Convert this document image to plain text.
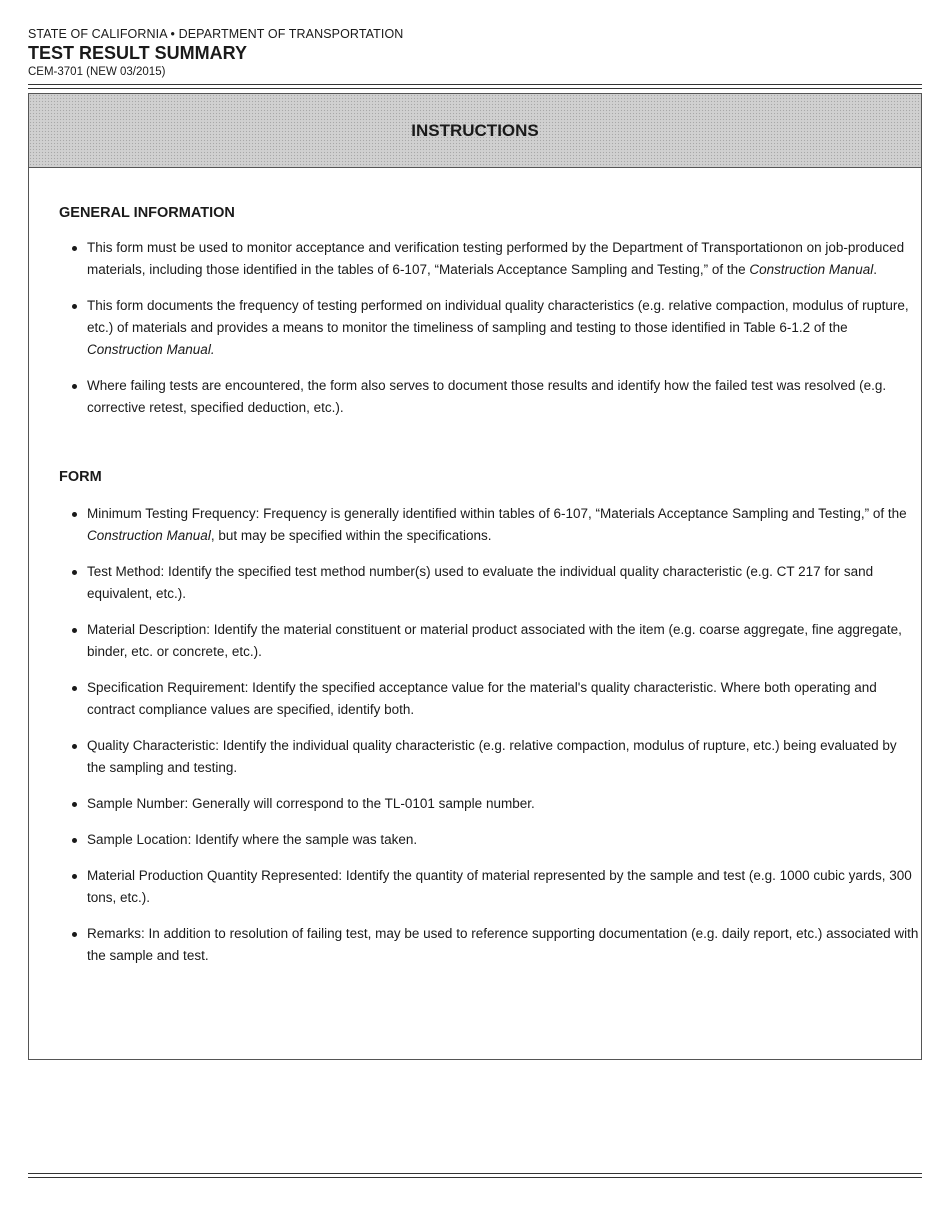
STATE OF CALIFORNIA • DEPARTMENT OF TRANSPORTATION
TEST RESULT SUMMARY
CEM-3701 (NEW 03/2015)
INSTRUCTIONS
GENERAL INFORMATION
This form must be used to monitor acceptance and verification testing performed by the Department of Transportationon on job-produced materials, including those identified in the tables of 6-107, “Materials Acceptance Sampling and Testing,” of the Construction Manual.
This form documents the frequency of testing performed on individual quality characteristics (e.g. relative compaction, modulus of rupture, etc.) of materials and provides a means to monitor the timeliness of sampling and testing to those identified in Table 6-1.2 of the Construction Manual.
Where failing tests are encountered, the form also serves to document those results and identify how the failed test was resolved (e.g. corrective retest, specified deduction, etc.).
FORM
Minimum Testing Frequency: Frequency is generally identified within tables of 6-107, “Materials Acceptance Sampling and Testing,” of the Construction Manual, but may be specified within the specifications.
Test Method: Identify the specified test method number(s) used to evaluate the individual quality characteristic (e.g. CT 217 for sand equivalent, etc.).
Material Description: Identify the material constituent or material product associated with the item (e.g. coarse aggregate, fine aggregate, binder, etc. or concrete, etc.).
Specification Requirement: Identify the specified acceptance value for the material's quality characteristic. Where both operating and contract compliance values are specified, identify both.
Quality Characteristic: Identify the individual quality characteristic (e.g. relative compaction, modulus of rupture, etc.) being evaluated by the sampling and testing.
Sample Number: Generally will correspond to the TL-0101 sample number.
Sample Location: Identify where the sample was taken.
Material Production Quantity Represented: Identify the quantity of material represented by the sample and test (e.g. 1000 cubic yards, 300 tons, etc.).
Remarks: In addition to resolution of failing test, may be used to reference supporting documentation (e.g. daily report, etc.) associated with the sample and test.
